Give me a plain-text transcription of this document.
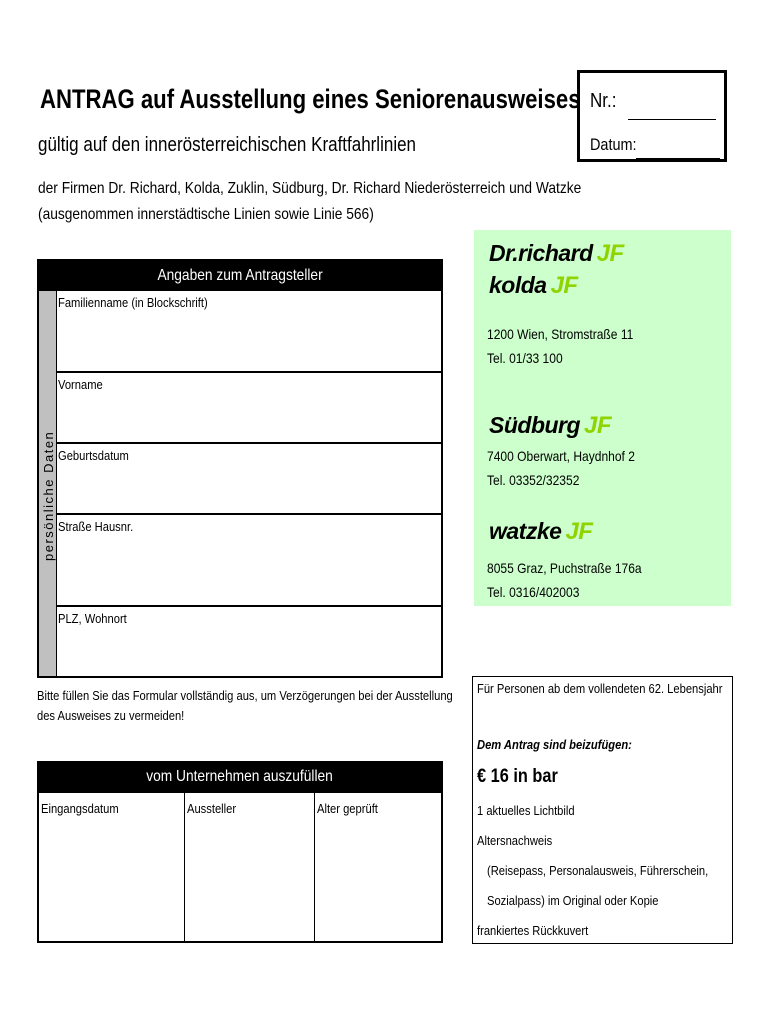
ANTRAG auf Ausstellung eines Seniorenausweises
gültig auf den innerösterreichischen Kraftfahrlinien
der Firmen Dr. Richard, Kolda, Zuklin, Südburg, Dr. Richard Niederösterreich und Watzke
(ausgenommen innerstädtische Linien sowie Linie 566)
Nr.:
Datum:
Dr.richard JF
kolda JF
1200 Wien, Stromstraße 11
Tel. 01/33 100
Südburg JF
7400 Oberwart, Haydnhof 2
Tel. 03352/32352
watzke JF
8055 Graz, Puchstraße 176a
Tel. 0316/402003
Angaben zum Antragsteller
persönliche Daten
Familienname (in Blockschrift)
Vorname
Geburtsdatum
Straße Hausnr.
PLZ, Wohnort
Bitte füllen Sie das Formular vollständig aus, um Verzögerungen bei der Ausstellung
des Ausweises zu vermeiden!
vom Unternehmen auszufüllen
Eingangsdatum	Aussteller	Alter geprüft
Für Personen ab dem vollendeten 62. Lebensjahr
Dem Antrag sind beizufügen:
€ 16 in bar
1 aktuelles Lichtbild
Altersnachweis
(Reisepass, Personalausweis, Führerschein,
Sozialpass) im Original oder Kopie
frankiertes Rückkuvert
